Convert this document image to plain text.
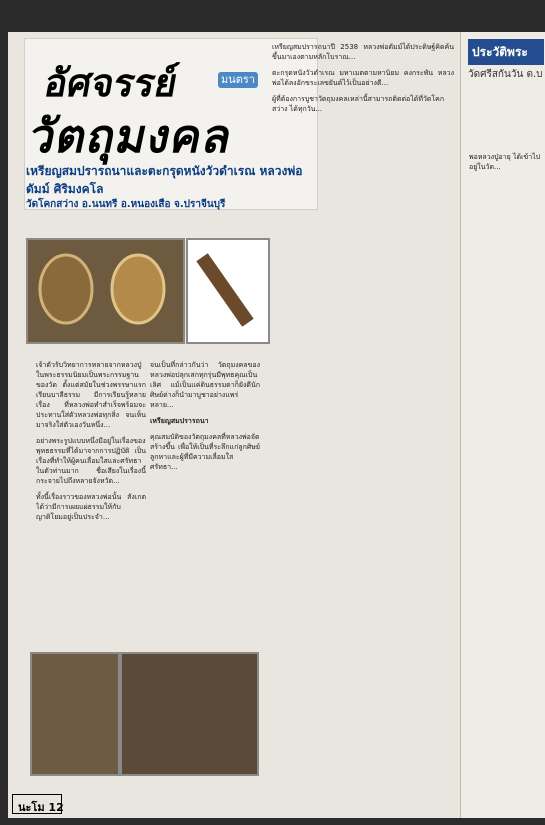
พอหลวงปู่อายุ ได้เข้าไปอยู่ในวัด...
อัศจรรย์
วัตถุมงคล
มนตรา
เหรียญสมปรารถนาและตะกรุดหนังวัวดำเรณ หลวงพ่อดัมม์ ศิริมงคโล
วัดโคกสว่าง อ.นนทรี อ.หนองเสือ จ.ปราจีนบุรี

เจ้าตัวรับวิทยาการหลายจากหลวงปู่ในพระธรรมนิยมเป็นพระกรรมฐานของวัด ตั้งแต่สมัยในช่วงพรรษาแรก เรียนบาลีธรรม มีการเรียนรู้หลายเรื่อง ที่หลวงพ่อทำสำเร็จพร้อมจะประทานใส่ตัวหลวงพ่อทุกสิ่ง จนเห็นมาจริงใส่ตัวเองวันหนึ่ง...

อย่างพระรูปแบบหนึ่งมีอยู่ในเรื่องของพุทธธรรมที่ได้มาจากการปฏิบัติ เป็นเรื่องที่ทำให้ผู้คนเลื่อมใสและศรัทธาในตัวท่านมาก ชื่อเสียงในเรื่องนี้กระจายไปถึงหลายจังหวัด...

ทั้งนี้เรื่องราวของหลวงพ่อนั้น สังเกตได้ว่ามีการเผยแผ่ธรรมให้กับญาติโยมอยู่เป็นประจำ...

จนเป็นที่กล่าวกันว่า วัตถุมงคลของหลวงพ่อปลุกเสกทุกรุ่นมีพุทธคุณเป็นเลิศ แม้เป็นแค่ดินธรรมดาก็ยังดีนัก ศิษย์ต่างก็นำมาบูชาอย่างแพร่หลาย...

เหรียญสมปรารถนา

คุณสมบัติของวัตถุมงคลที่หลวงพ่อจัดสร้างขึ้น เพื่อให้เป็นที่ระลึกแก่ลูกศิษย์ลูกหาและผู้ที่มีความเลื่อมใสศรัทธา...

เหรียญสมปรารถนาปี 2538 หลวงพ่อดัมม์ได้ประดิษฐ์คิดค้นขึ้นมาเองตามหลักโบราณ...

ตะกรุดหนังวัวดำเรณ มหาเมตตามหานิยม คงกระพัน หลวงพ่อได้ลงอักขระเลขยันต์ไว้เป็นอย่างดี...

ผู้ที่ต้องการบูชาวัตถุมงคลเหล่านี้สามารถติดต่อได้ที่วัดโคกสว่าง ได้ทุกวัน...

นะโม 12
ประวัติพระ
วัดศรีสกันวัน ต.บ
